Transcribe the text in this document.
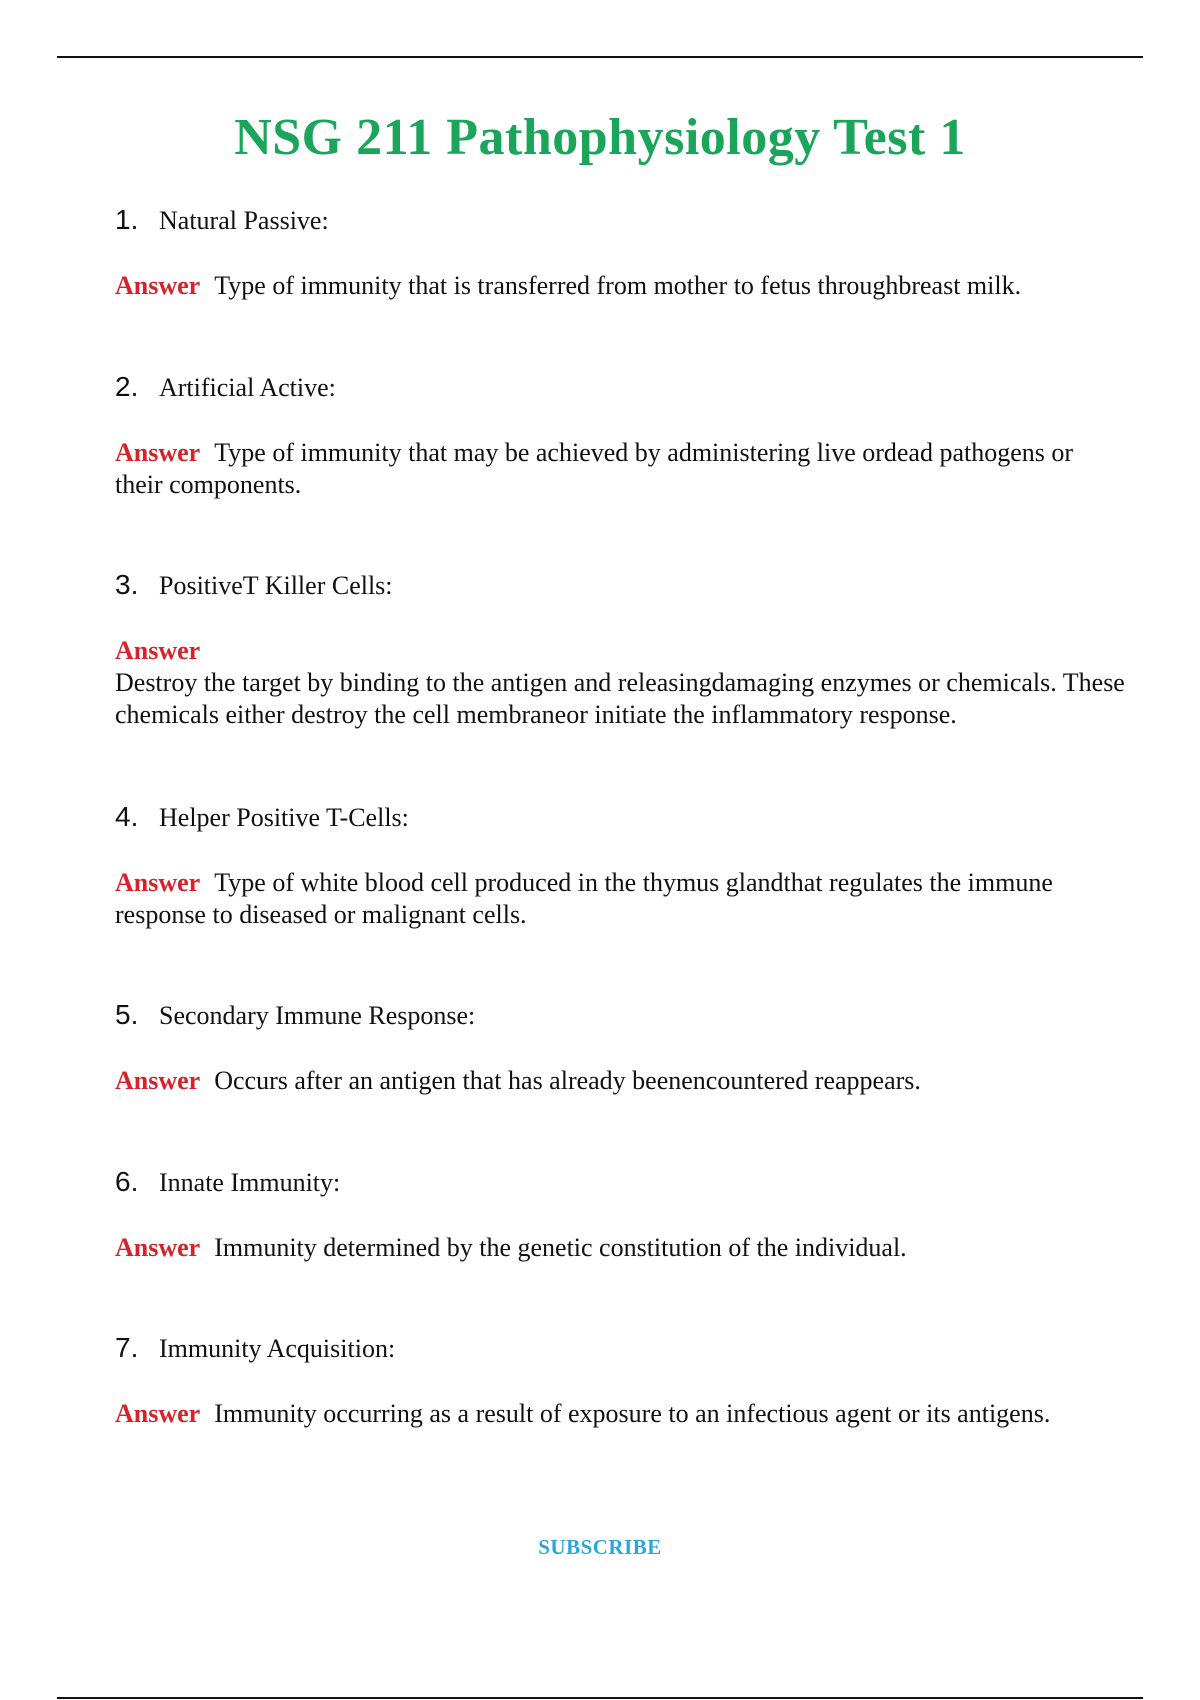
NSG 211 Pathophysiology Test 1
1. Natural Passive:
Answer Type of immunity that is transferred from mother to fetus throughbreast milk.
2. Artificial Active:
Answer Type of immunity that may be achieved by administering live ordead pathogens or their components.
3. PositiveT Killer Cells:
Answer
Destroy the target by binding to the antigen and releasingdamaging enzymes or chemicals. These chemicals either destroy the cell membraneor initiate the inflammatory response.
4. Helper Positive T-Cells:
Answer Type of white blood cell produced in the thymus glandthat regulates the immune response to diseased or malignant cells.
5. Secondary Immune Response:
Answer Occurs after an antigen that has already beenencountered reappears.
6. Innate Immunity:
Answer Immunity determined by the genetic constitution of the individual.
7. Immunity Acquisition:
Answer Immunity occurring as a result of exposure to an infectious agent or its antigens.
SUBSCRIBE
